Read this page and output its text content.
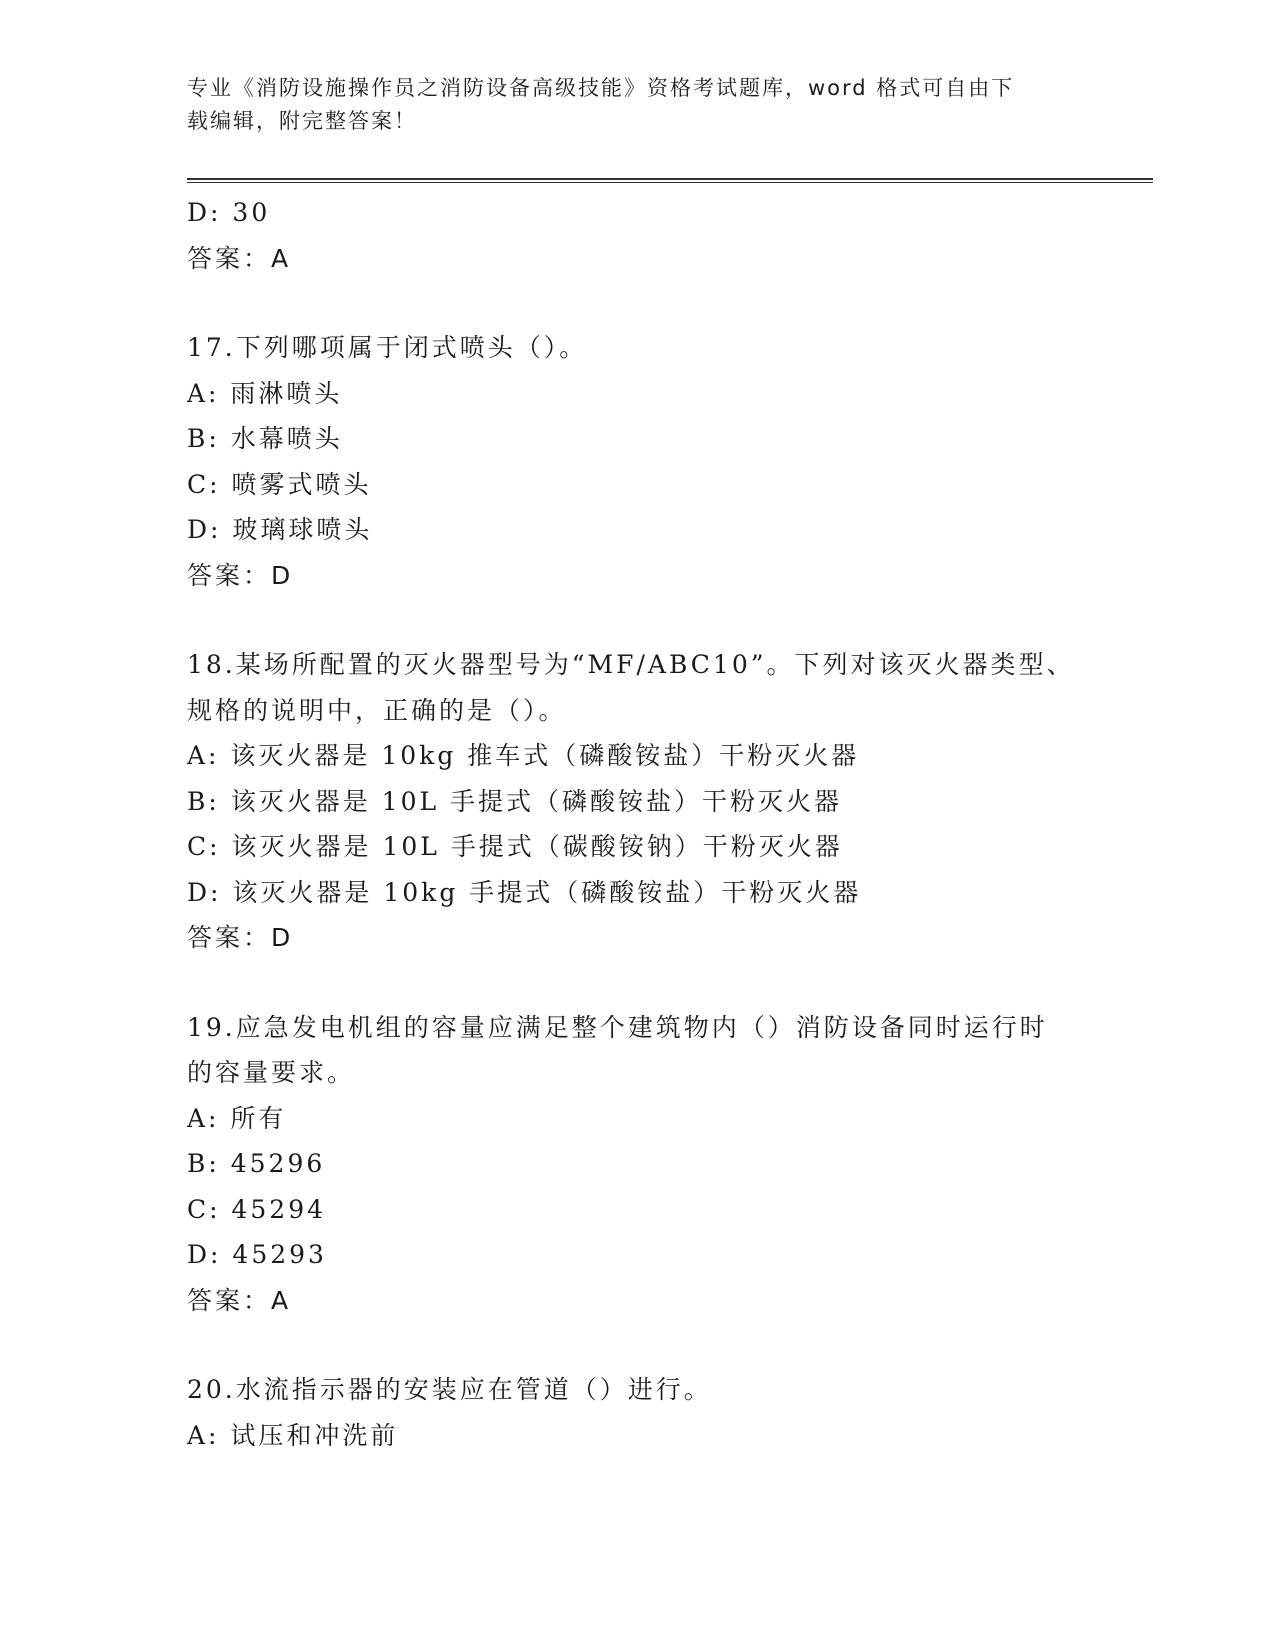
专业《消防设施操作员之消防设备高级技能》资格考试题库，word 格式可自由下
载编辑，附完整答案！
D: 30
答案：A
17.下列哪项属于闭式喷头（）。
A: 雨淋喷头
B: 水幕喷头
C: 喷雾式喷头
D: 玻璃球喷头
答案：D
18.某场所配置的灭火器型号为“MF/ABC10”。下列对该灭火器类型、
规格的说明中，正确的是（）。
A: 该灭火器是 10kg 推车式（磷酸铵盐）干粉灭火器
B: 该灭火器是 10L 手提式（磷酸铵盐）干粉灭火器
C: 该灭火器是 10L 手提式（碳酸铵钠）干粉灭火器
D: 该灭火器是 10kg 手提式（磷酸铵盐）干粉灭火器
答案：D
19.应急发电机组的容量应满足整个建筑物内（）消防设备同时运行时
的容量要求。
A: 所有
B: 45296
C: 45294
D: 45293
答案：A
20.水流指示器的安装应在管道（）进行。
A: 试压和冲洗前
